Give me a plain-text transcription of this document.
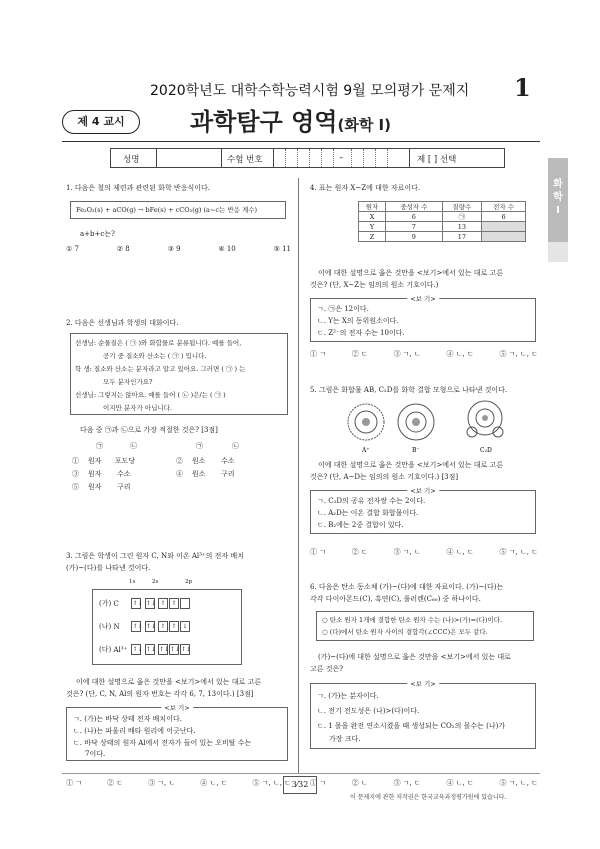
2020학년도 대학수학능력시험 9월 모의평가 문제지 1
제 4 교시	과학탐구 영역(화학 Ⅰ)
성명	수험 번호	–	제 [ ] 선택
화
학
Ⅰ
1. 다음은 철의 제련과 관련된 화학 반응식이다.
Fe₂O₃(s) + aCO(g) → bFe(s) + cCO₂(g) (a~c는 반응 계수)
a+b+c는?
① 7	② 8	③ 9	④ 10	⑤ 11
2. 다음은 선생님과 학생의 대화이다.
선생님: 순물질은 ( ㉠ )와 화합물로 분류됩니다. 예를 들어,
공기 중 질소와 산소는 ( ㉠ ) 입니다.
학 생: 질소와 산소는 분자라고 알고 있어요. 그러면 ( ㉠ ) 는
모두 분자인가요?
선생님: 그렇지는 않아요. 예를 들어 ( ㉡ )은/는 ( ㉠ )
이지만 분자가 아닙니다.
다음 중 ㉠과 ㉡으로 가장 적절한 것은? [3점]
㉠	㉡	㉠	㉡
① 원자 포도당	② 원소 수소
③ 원자 수소	④ 원소 구리
⑤ 원자 구리
3. 그림은 학생이 그린 원자 C, N와 이온 Al³⁺의 전자 배치
(가)~(다)를 나타낸 것이다.
1s	2s	2p
(가) C ↑↓ ↑↓ ↑ ↑
(나) N ↑↓ ↑↓ ↑ ↑ ↓
(다) Al³⁺ ↑↓ ↑↓ ↑↓↑↓↑↓
이에 대한 설명으로 옳은 것만을 <보기>에서 있는 대로 고른
것은? (단, C, N, Al의 원자 번호는 각각 6, 7, 13이다.) [3점]
<보 기>
ㄱ. (가)는 바닥 상태 전자 배치이다.
ㄴ. (나)는 파울리 배타 원리에 어긋난다.
ㄷ. 바닥 상태의 원자 Al에서 전자가 들어 있는 오비탈 수는
7이다.
① ㄱ	② ㄷ	③ ㄱ, ㄴ	④ ㄴ, ㄷ	⑤ ㄱ, ㄴ, ㄷ
4. 표는 원자 X~Z에 대한 자료이다.
원자	중성자 수	질량수	전자 수
X	6	㉠	6
Y	7	13	
Z	9	17	
이에 대한 설명으로 옳은 것만을 <보기>에서 있는 대로 고른
것은? (단, X~Z는 임의의 원소 기호이다.)
<보 기>
ㄱ. ㉠은 12이다.
ㄴ. Y는 X의 동위원소이다.
ㄷ. Z²⁻의 전자 수는 10이다.
① ㄱ	② ㄷ	③ ㄱ, ㄴ	④ ㄴ, ㄷ	⑤ ㄱ, ㄴ, ㄷ
5. 그림은 화합물 AB, C₂D를 화학 결합 모형으로 나타낸 것이다.
A⁺	B⁻	C₂D
이에 대한 설명으로 옳은 것만을 <보기>에서 있는 대로 고른
것은? (단, A~D는 임의의 원소 기호이다.) [3점]
<보 기>
ㄱ. C₂D의 공유 전자쌍 수는 2이다.
ㄴ. A₂D는 이온 결합 화합물이다.
ㄷ. B₂에는 2중 결합이 있다.
① ㄱ	② ㄷ	③ ㄱ, ㄴ	④ ㄴ, ㄷ	⑤ ㄱ, ㄴ, ㄷ
6. 다음은 탄소 동소체 (가)~(다)에 대한 자료이다. (가)~(다)는
각각 다이아몬드(C), 흑연(C), 풀러렌(C₆₀) 중 하나이다.
○ 탄소 원자 1개에 결합한 탄소 원자 수는 (나)>(가)=(다)이다.
○ (다)에서 탄소 원자 사이의 결합각(∠CCC)은 모두 같다.
(가)~(다)에 대한 설명으로 옳은 것만을 <보기>에서 있는 대로
고른 것은?
<보 기>
ㄱ. (가)는 분자이다.
ㄴ. 전기 전도성은 (나)>(다)이다.
ㄷ. 1 몰을 완전 연소시켰을 때 생성되는 CO₂의 몰수는 (나)가
가장 크다.
① ㄱ	② ㄴ	③ ㄱ, ㄷ	④ ㄴ, ㄷ	⑤ ㄱ, ㄴ, ㄷ
3⁄32
이 문제지에 관한 저작권은 한국교육과정평가원에 있습니다.
